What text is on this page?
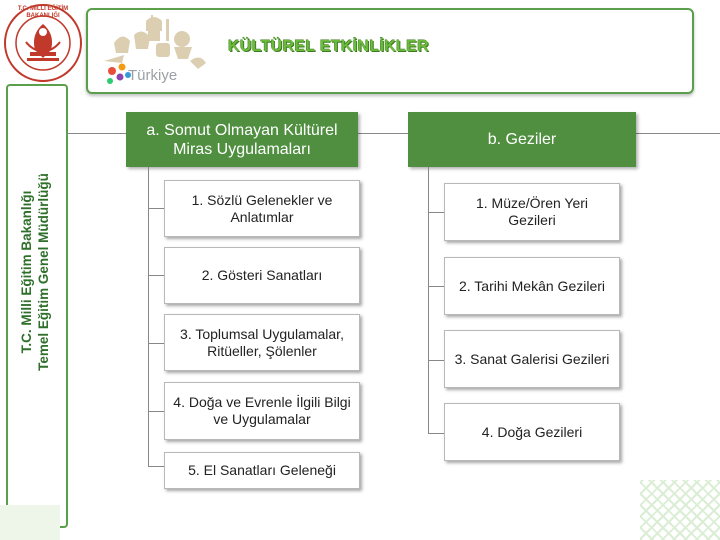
T.C. Milli Eğitim Bakanlığı Temel Eğitim Genel Müdürlüğü
T.C. MİLLİ EĞİTİM BAKANLIĞI
Türkiye
KÜLTÜREL ETKİNLİKLER
a. Somut Olmayan Kültürel
Miras Uygulamaları
b. Geziler
1. Sözlü Gelenekler ve
Anlatımlar
2. Gösteri Sanatları
3. Toplumsal Uygulamalar,
Ritüeller, Şölenler
4. Doğa ve Evrenle İlgili Bilgi
ve Uygulamalar
5. El Sanatları Geleneği
1. Müze/Ören Yeri
Gezileri
2. Tarihi Mekân Gezileri
3. Sanat Galerisi Gezileri
4. Doğa Gezileri
